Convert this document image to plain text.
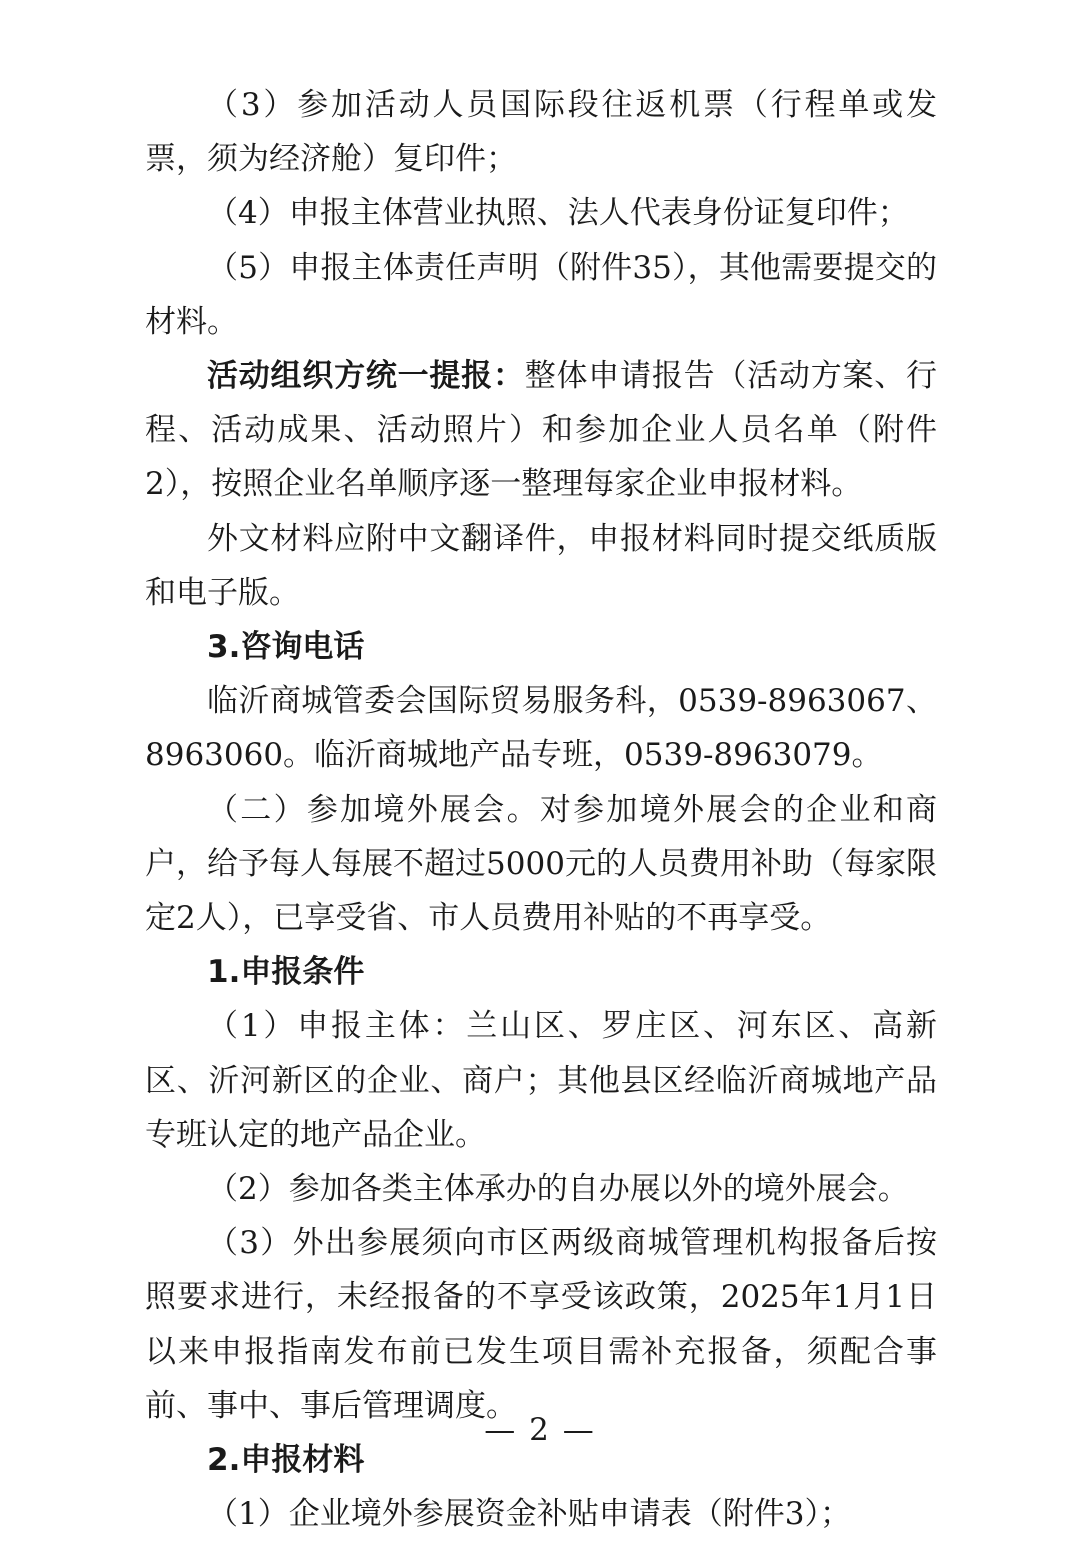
（3）参加活动人员国际段往返机票（行程单或发票，须为经济舱）复印件；

（4）申报主体营业执照、法人代表身份证复印件；

（5）申报主体责任声明（附件35），其他需要提交的材料。

活动组织方统一提报：整体申请报告（活动方案、行程、活动成果、活动照片）和参加企业人员名单（附件2），按照企业名单顺序逐一整理每家企业申报材料。

外文材料应附中文翻译件，申报材料同时提交纸质版和电子版。

3.咨询电话

临沂商城管委会国际贸易服务科，0539-8963067、8963060。临沂商城地产品专班，0539-8963079。

（二）参加境外展会。对参加境外展会的企业和商户，给予每人每展不超过5000元的人员费用补助（每家限定2人），已享受省、市人员费用补贴的不再享受。

1.申报条件

（1）申报主体：兰山区、罗庄区、河东区、高新区、沂河新区的企业、商户；其他县区经临沂商城地产品专班认定的地产品企业。

（2）参加各类主体承办的自办展以外的境外展会。

（3）外出参展须向市区两级商城管理机构报备后按照要求进行，未经报备的不享受该政策，2025年1月1日以来申报指南发布前已发生项目需补充报备，须配合事前、事中、事后管理调度。

2.申报材料

（1）企业境外参展资金补贴申请表（附件3）；

— 2 —
